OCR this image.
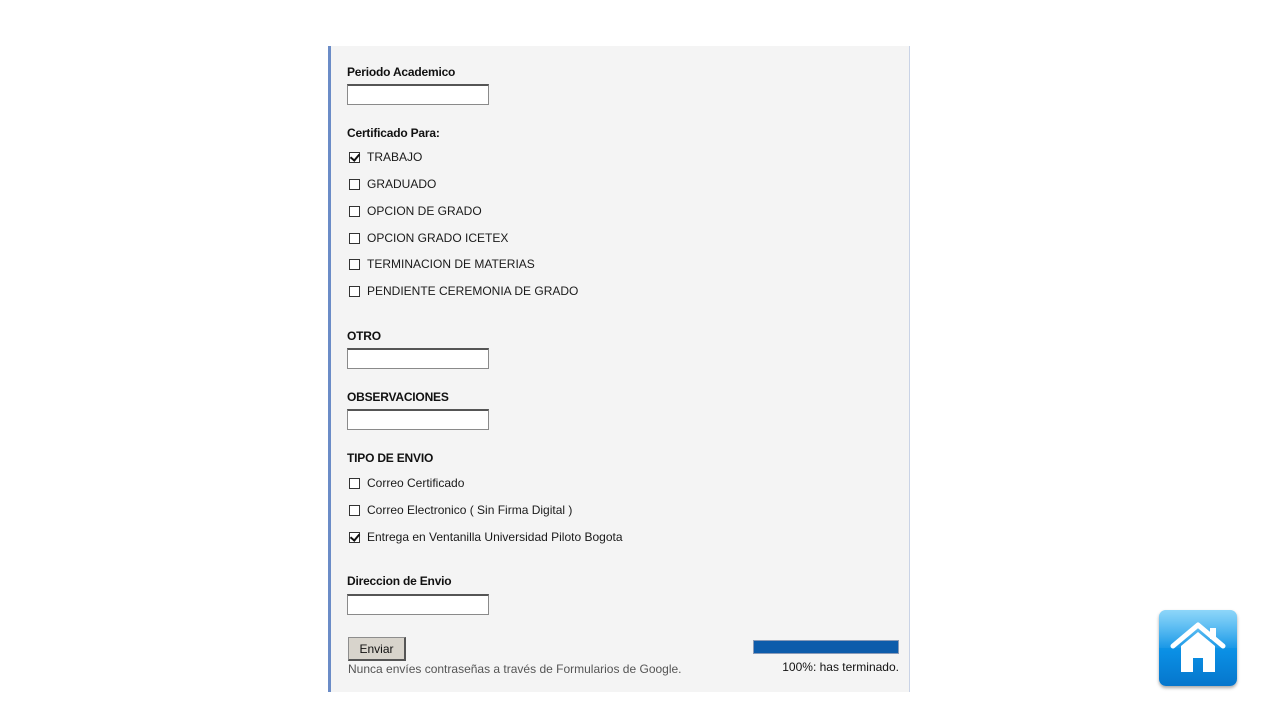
Periodo Academico
Certificado Para:
TRABAJO
GRADUADO
OPCION DE GRADO
OPCION GRADO ICETEX
TERMINACION DE MATERIAS
PENDIENTE CEREMONIA DE GRADO
OTRO
OBSERVACIONES
TIPO DE ENVIO
Correo Certificado
Correo Electronico ( Sin Firma Digital )
Entrega en Ventanilla Universidad Piloto Bogota
Direccion de Envio
Enviar
Nunca envíes contraseñas a través de Formularios de Google.	100%: has terminado.
